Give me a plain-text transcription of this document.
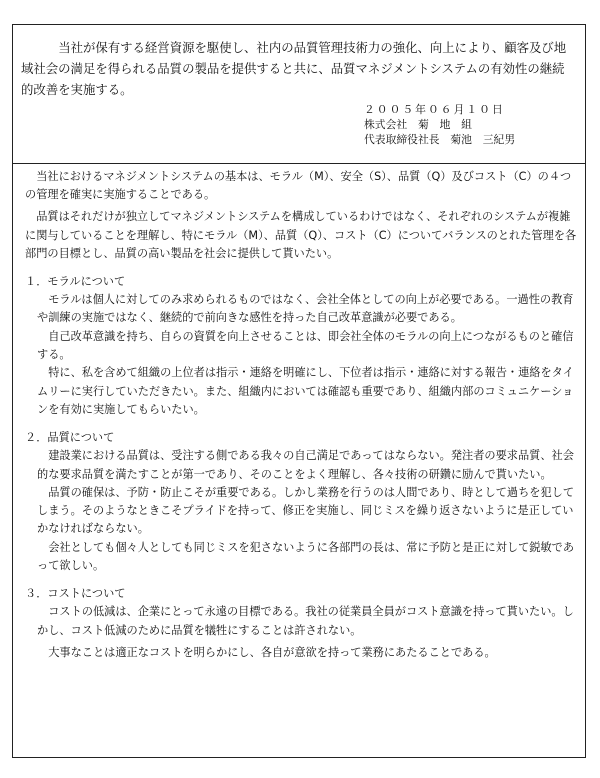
当社が保有する経営資源を駆使し、社内の品質管理技術力の強化、向上により、顧客及び地域社会の満足を得られる品質の製品を提供すると共に、品質マネジメントシステムの有効性の継続的改善を実施する。

２００５年０６月１０日
株式会社　菊　地　組
代表取締役社長　菊池　三紀男

当社におけるマネジメントシステムの基本は、モラル（M）、安全（S）、品質（Q）及びコスト（C）の４つの管理を確実に実施することである。

品質はそれだけが独立してマネジメントシステムを構成しているわけではなく、それぞれのシステムが複雑に関与していることを理解し、特にモラル（M）、品質（Q）、コスト（C）についてバランスのとれた管理を各部門の目標とし、品質の高い製品を社会に提供して貰いたい。

１．モラルについて

モラルは個人に対してのみ求められるものではなく、会社全体としての向上が必要である。一過性の教育や訓練の実施ではなく、継続的で前向きな感性を持った自己改革意識が必要である。

自己改革意識を持ち、自らの資質を向上させることは、即会社全体のモラルの向上につながるものと確信する。

特に、私を含めて組織の上位者は指示・連絡を明確にし、下位者は指示・連絡に対する報告・連絡をタイムリーに実行していただきたい。また、組織内においては確認も重要であり、組織内部のコミュニケーションを有効に実施してもらいたい。

２．品質について

建設業における品質は、受注する側である我々の自己満足であってはならない。発注者の要求品質、社会的な要求品質を満たすことが第一であり、そのことをよく理解し、各々技術の研鑽に励んで貰いたい。

品質の確保は、予防・防止こそが重要である。しかし業務を行うのは人間であり、時として過ちを犯してしまう。そのようなときこそプライドを持って、修正を実施し、同じミスを繰り返さないように是正していかなければならない。

会社としても個々人としても同じミスを犯さないように各部門の長は、常に予防と是正に対して鋭敏であって欲しい。

３．コストについて

コストの低減は、企業にとって永遠の目標である。我社の従業員全員がコスト意識を持って貰いたい。しかし、コスト低減のために品質を犠牲にすることは許されない。

大事なことは適正なコストを明らかにし、各自が意欲を持って業務にあたることである。
